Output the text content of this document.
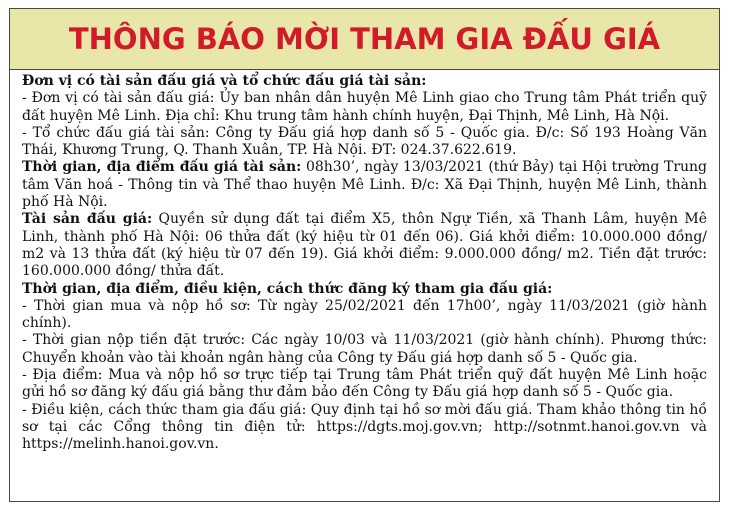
THÔNG BÁO MỜI THAM GIA ĐẤU GIÁ

Đơn vị có tài sản đấu giá và tổ chức đấu giá tài sản:

- Đơn vị có tài sản đấu giá: Ủy ban nhân dân huyện Mê Linh giao cho Trung tâm Phát triển quỹ đất huyện Mê Linh. Địa chỉ: Khu trung tâm hành chính huyện, Đại Thịnh, Mê Linh, Hà Nội.

- Tổ chức đấu giá tài sản: Công ty Đấu giá hợp danh số 5 - Quốc gia. Đ/c: Số 193 Hoàng Văn Thái, Khương Trung, Q. Thanh Xuân, TP. Hà Nội. ĐT: 024.37.622.619.

Thời gian, địa điểm đấu giá tài sản: 08h30’, ngày 13/03/2021 (thứ Bảy) tại Hội trường Trung tâm Văn hoá - Thông tin và Thể thao huyện Mê Linh. Đ/c: Xã Đại Thịnh, huyện Mê Linh, thành phố Hà Nội.

Tài sản đấu giá: Quyền sử dụng đất tại điểm X5, thôn Ngự Tiền, xã Thanh Lâm, huyện Mê Linh, thành phố Hà Nội: 06 thửa đất (ký hiệu từ 01 đến 06). Giá khởi điểm: 10.000.000 đồng/ m2 và 13 thửa đất (ký hiệu từ 07 đến 19). Giá khởi điểm: 9.000.000 đồng/ m2. Tiền đặt trước: 160.000.000 đồng/ thửa đất.

Thời gian, địa điểm, điều kiện, cách thức đăng ký tham gia đấu giá:

- Thời gian mua và nộp hồ sơ: Từ ngày 25/02/2021 đến 17h00’, ngày 11/03/2021 (giờ hành chính).

- Thời gian nộp tiền đặt trước: Các ngày 10/03 và 11/03/2021 (giờ hành chính). Phương thức: Chuyển khoản vào tài khoản ngân hàng của Công ty Đấu giá hợp danh số 5 - Quốc gia.

- Địa điểm: Mua và nộp hồ sơ trực tiếp tại Trung tâm Phát triển quỹ đất huyện Mê Linh hoặc gửi hồ sơ đăng ký đấu giá bằng thư đảm bảo đến Công ty Đấu giá hợp danh số 5 - Quốc gia.

- Điều kiện, cách thức tham gia đấu giá: Quy định tại hồ sơ mời đấu giá. Tham khảo thông tin hồ sơ tại các Cổng thông tin điện tử: https://dgts.moj.gov.vn; http://sotnmt.hanoi.gov.vn và https://melinh.hanoi.gov.vn.
